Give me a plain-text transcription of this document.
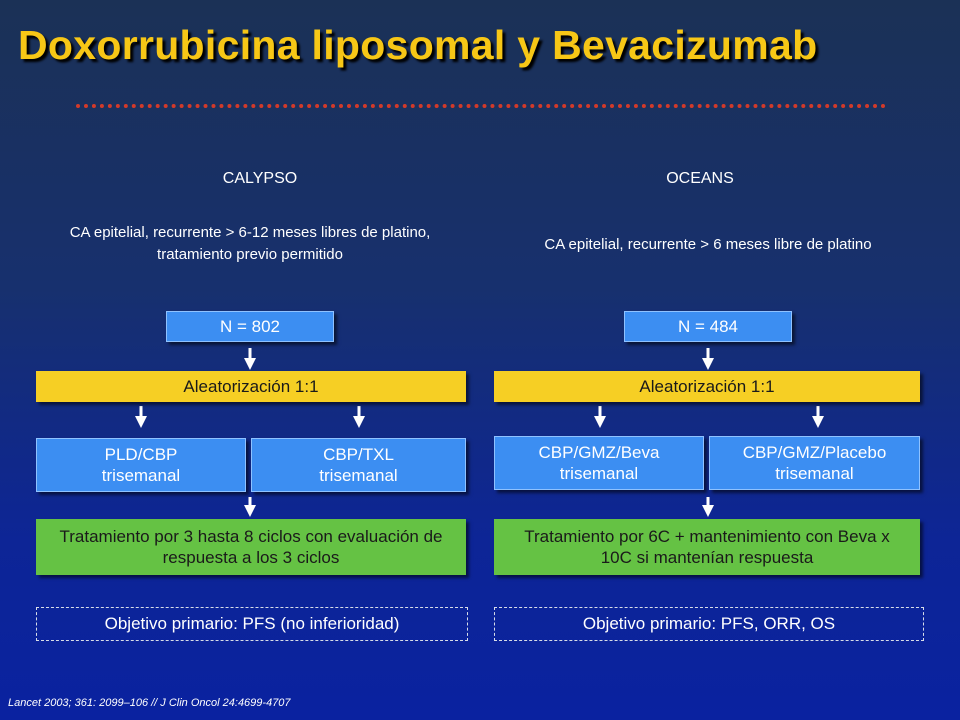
Doxorrubicina liposomal y Bevacizumab
CALYPSO
CA epitelial, recurrente > 6-12 meses libres de platino, tratamiento previo permitido
N = 802
Aleatorización 1:1
PLD/CBP
trisemanal
CBP/TXL
trisemanal
Tratamiento por 3 hasta 8 ciclos con evaluación de respuesta a los 3 ciclos
Objetivo primario: PFS (no inferioridad)
OCEANS
CA epitelial, recurrente > 6 meses libre de platino
N = 484
Aleatorización 1:1
CBP/GMZ/Beva
trisemanal
CBP/GMZ/Placebo
trisemanal
Tratamiento por 6C + mantenimiento con Beva x 10C si mantenían respuesta
Objetivo primario: PFS, ORR, OS
Lancet 2003; 361: 2099–106 // J Clin Oncol 24:4699-4707
